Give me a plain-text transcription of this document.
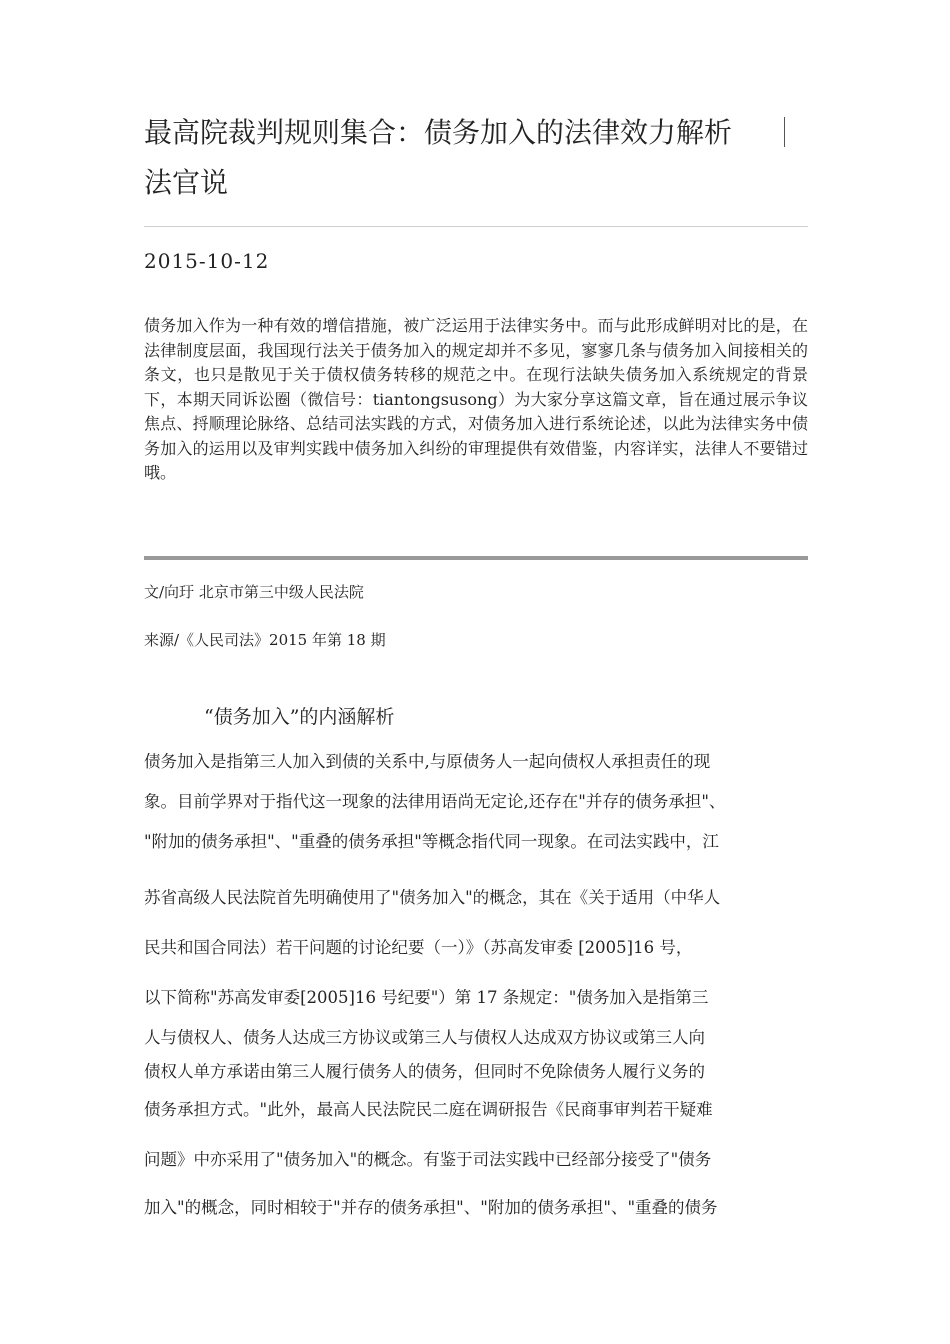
最高院裁判规则集合：债务加入的法律效力解析
法官说
2015-10-12

债务加入作为一种有效的增信措施，被广泛运用于法律实务中。而与此形成鲜明对比的是，在法律制度层面，我国现行法关于债务加入的规定却并不多见，寥寥几条与债务加入间接相关的条文，也只是散见于关于债权债务转移的规范之中。在现行法缺失债务加入系统规定的背景下，本期天同诉讼圈（微信号：tiantongsusong）为大家分享这篇文章，旨在通过展示争议焦点、捋顺理论脉络、总结司法实践的方式，对债务加入进行系统论述，以此为法律实务中债务加入的运用以及审判实践中债务加入纠纷的审理提供有效借鉴，内容详实，法律人不要错过哦。

文/向玗 北京市第三中级人民法院
来源/《人民司法》2015 年第 18 期
“债务加入”的内涵解析
债务加入是指第三人加入到债的关系中,与原债务人一起向债权人承担责任的现
象。目前学界对于指代这一现象的法律用语尚无定论,还存在"并存的债务承担"、
"附加的债务承担"、"重叠的债务承担"等概念指代同一现象。在司法实践中，江
苏省高级人民法院首先明确使用了"债务加入"的概念，其在《关于适用（中华人
民共和国合同法）若干问题的讨论纪要（一）》（苏高发审委 [2005]16 号，
以下简称"苏高发审委[2005]16 号纪要"）第 17 条规定："债务加入是指第三
人与债权人、债务人达成三方协议或第三人与债权人达成双方协议或第三人向
债权人单方承诺由第三人履行债务人的债务，但同时不免除债务人履行义务的
债务承担方式。"此外，最高人民法院民二庭在调研报告《民商事审判若干疑难
问题》中亦采用了"债务加入"的概念。有鉴于司法实践中已经部分接受了"债务
加入"的概念，同时相较于"并存的债务承担"、"附加的债务承担"、"重叠的债务
